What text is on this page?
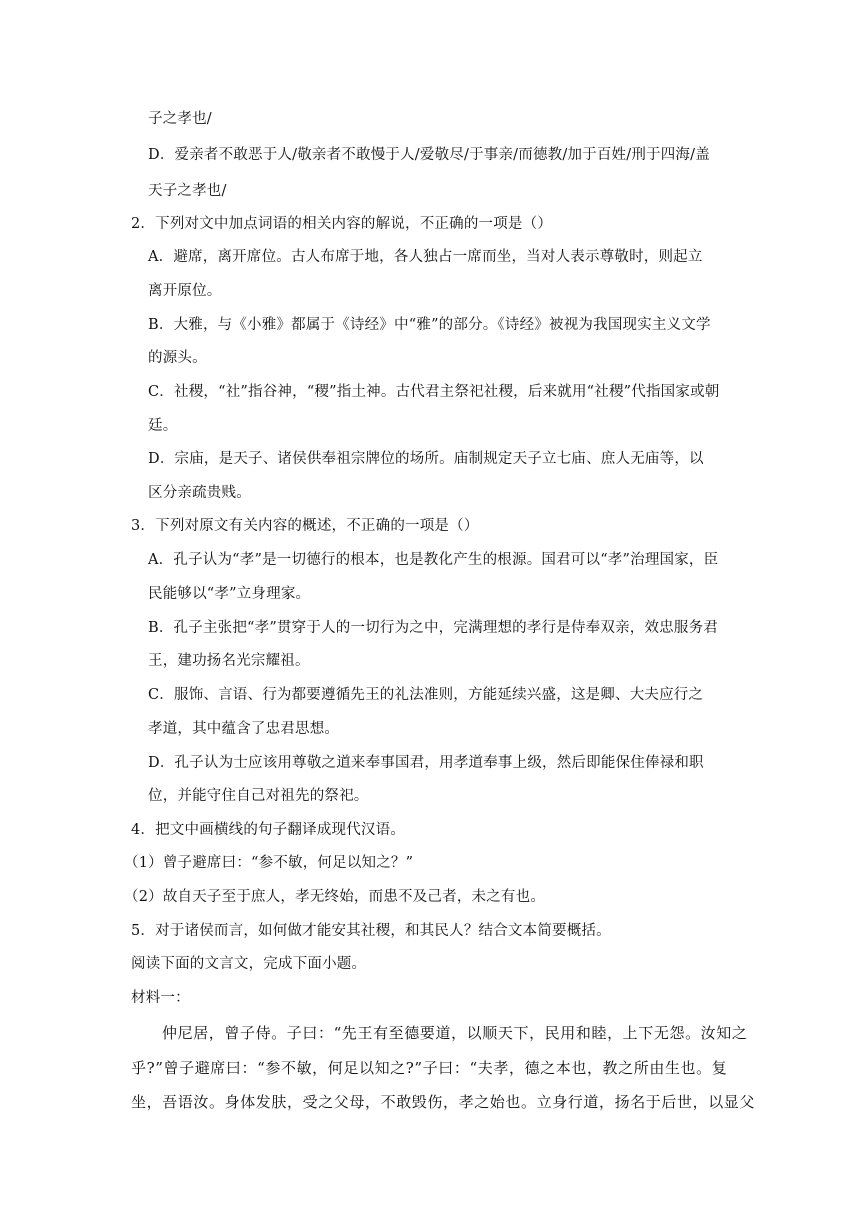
子之孝也/
D．爱亲者不敢恶于人/敬亲者不敢慢于人/爱敬尽/于事亲/而德教/加于百姓/刑于四海/盖
天子之孝也/
2．下列对文中加点词语的相关内容的解说，不正确的一项是（）
A．避席，离开席位。古人布席于地，各人独占一席而坐，当对人表示尊敬时，则起立
离开原位。
B．大雅，与《小雅》都属于《诗经》中“雅”的部分。《诗经》被视为我国现实主义文学
的源头。
C．社稷，“社”指谷神，“稷”指土神。古代君主祭祀社稷，后来就用“社稷”代指国家或朝
廷。
D．宗庙，是天子、诸侯供奉祖宗牌位的场所。庙制规定天子立七庙、庶人无庙等，以
区分亲疏贵贱。
3．下列对原文有关内容的概述，不正确的一项是（）
A．孔子认为“孝”是一切德行的根本，也是教化产生的根源。国君可以“孝”治理国家，臣
民能够以“孝”立身理家。
B．孔子主张把“孝”贯穿于人的一切行为之中，完满理想的孝行是侍奉双亲，效忠服务君
王，建功扬名光宗耀祖。
C．服饰、言语、行为都要遵循先王的礼法准则，方能延续兴盛，这是卿、大夫应行之
孝道，其中蕴含了忠君思想。
D．孔子认为士应该用尊敬之道来奉事国君，用孝道奉事上级，然后即能保住俸禄和职
位，并能守住自己对祖先的祭祀。
4．把文中画横线的句子翻译成现代汉语。
（1）曾子避席曰：“参不敏，何足以知之？”
（2）故自天子至于庶人，孝无终始，而患不及己者，未之有也。
5．对于诸侯而言，如何做才能安其社稷，和其民人？结合文本简要概括。
阅读下面的文言文，完成下面小题。
材料一：
仲尼居，曾子侍。子曰：“先王有至德要道，以顺天下，民用和睦，上下无怨。汝知之
乎?”曾子避席曰：“参不敏，何足以知之?”子曰：“夫孝，德之本也，教之所由生也。复
坐，吾语汝。身体发肤，受之父母，不敢毁伤，孝之始也。立身行道，扬名于后世，以显父
